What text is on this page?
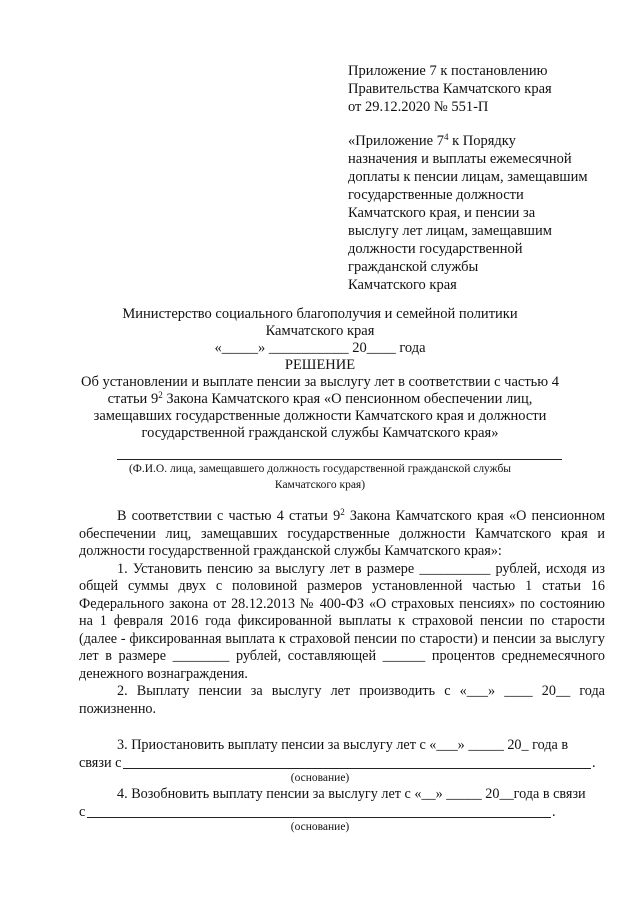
Приложение 7 к постановлению
Правительства Камчатского края
от 29.12.2020 № 551-П
«Приложение $7^4$ к Порядку
назначения и выплаты ежемесячной
доплаты к пенсии лицам, замещавшим
государственные должности
Камчатского края, и пенсии за
выслугу лет лицам, замещавшим
должности государственной
гражданской службы
Камчатского края
Министерство социального благополучия и семейной политики
Камчатского края
«_____» ___________ 20____ года
РЕШЕНИЕ
Об установлении и выплате пенсии за выслугу лет в соответствии с частью 4
статьи $9^2$ Закона Камчатского края «О пенсионном обеспечении лиц,
замещавших государственные должности Камчатского края и должности
государственной гражданской службы Камчатского края»
(Ф.И.О. лица, замещавшего должность государственной гражданской службы
Камчатского края)

В соответствии с частью 4 статьи $9^2$ Закона Камчатского края «О пенсионном обеспечении лиц, замещавших государственные должности Камчатского края и должности государственной гражданской службы Камчатского края»:

1. Установить пенсию за выслугу лет в размере __________ рублей, исходя из общей суммы двух с половиной размеров установленной частью 1 статьи 16 Федерального закона от 28.12.2013 № 400-ФЗ «О страховых пенсиях» по состоянию на 1 февраля 2016 года фиксированной выплаты к страховой пенсии по старости (далее - фиксированная выплата к страховой пенсии по старости) и пенсии за выслугу лет в размере ________ рублей, составляющей ______ процентов среднемесячного денежного вознаграждения.

2. Выплату пенсии за выслугу лет производить с «___» ____ 20__ года пожизненно.

3. Приостановить выплату пенсии за выслугу лет с «___» _____ 20_ года в
связи с	.
(основание)
4. Возобновить выплату пенсии за выслугу лет с «__» _____ 20__года в связи
с	.
(основание)
